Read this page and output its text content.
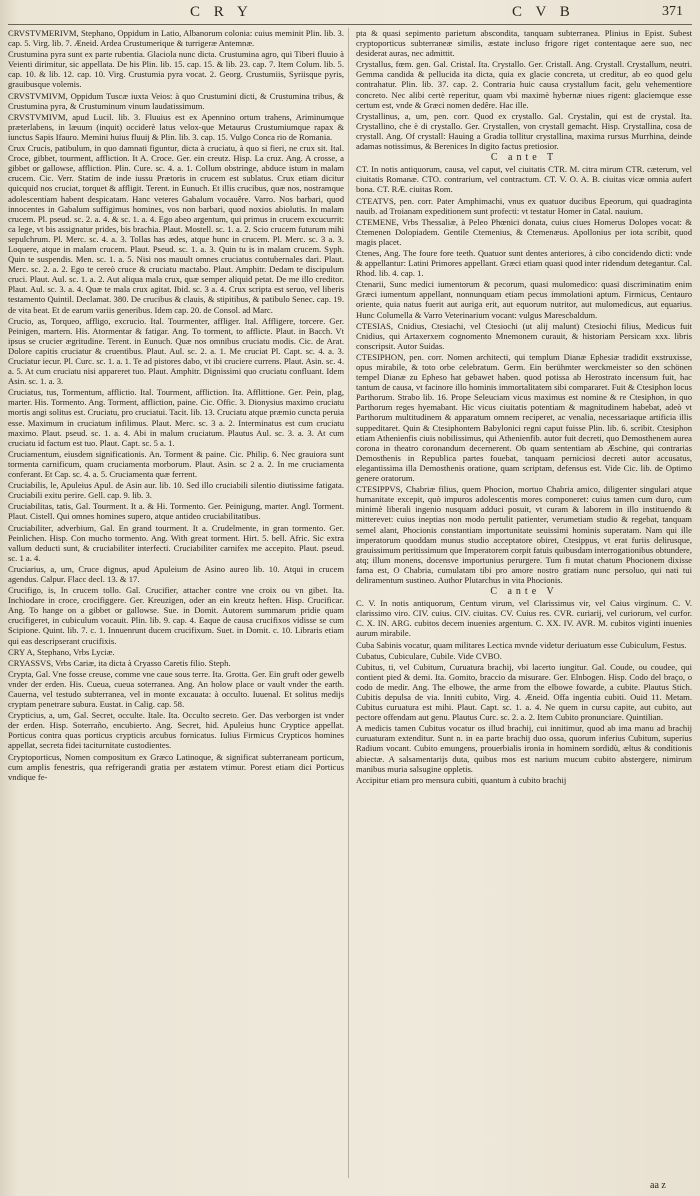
C R Y	C V B	371

CRVSTVMERIVM, Stephano, Oppidum in Latio, Albanorum colonia: cuius meminit Plin. lib. 3. cap. 5. Virg. lib. 7. Æneid. Ardea Crustumerique & turrigeræ Antemnæ.

Crustumina pyra sunt ex parte rubentia. Glaciola nunc dicta. Crustumina agro, qui Tiberi fluuio à Veienti dirimitur, sic appellata. De his Plin. lib. 15. cap. 15. & lib. 23. cap. 7. Item Colum. lib. 5. cap. 10. & lib. 12. cap. 10. Virg. Crustumia pyra vocat. 2. Georg. Crustumiis, Syriisque pyris, grauibusque volemis.

CRVSTVMIVM, Oppidum Tuscæ iuxta Veios: à quo Crustumini dicti, & Crustumina tribus, & Crustumina pyra, & Crustuminum vinum laudatissimum.

CRVSTVMIVM, apud Lucil. lib. 3. Fluuius est ex Apennino ortum trahens, Ariminumque præterlabens, in læuum (inquit) occiderè latus velox-que Metaurus Crustumiumque rapax & iunctus Sapis Ifauro. Memini huius fluuij & Plin. lib. 3. cap. 15. Vulgo Conca rio de Romania.

Crux Crucis, patibulum, in quo damnati figuntur, dicta à cruciatu, à quo si fieri, ne crux sit. Ital. Croce, gibbet, tourment, affliction. It A. Croce. Ger. ein creutz. Hisp. La cruz. Ang. A crosse, a gibbet or gallowse, affliction. Plin. Cure. sc. 4. a. 1. Collum obstringe, abduce istum in malam crucem. Cic. Verr. Statim de inde iussu Prætoris in crucem est sublatus. Crux etiam dicitur quicquid nos cruciat, torquet & affligit. Terent. in Eunuch. Et illis crucibus, quæ nos, nostramque adolescentiam habent despicatam. Hanc veteres Gabalum vocauêre. Varro. Nos barbari, quod innocentes in Gabalum suffigimus homines, vos non barbari, quod noxios abiolutis. In malam crucem. Pl. pseud. sc. 2. a. 4. & sc. 1. a. 4. Ego abeo argentum, qui primus in crucem excucurrit: ca lege, vt bis assignatur prides, bis brachia. Plaut. Mostell. sc. 1. a. 2. Scio crucem futurum mihi sepulchrum. Pl. Merc. sc. 4. a. 3. Tollas has ædes, atque hunc in crucem. Pl. Merc. sc. 3 a. 3. Loquere, atque in malam crucem. Plaut. Pseud. sc. 1. a. 3. Quin tu is in malam crucem. Syph. Quin te suspendis. Men. sc. 1. a. 5. Nisi nos mauult omnes cruciatus contubernales dari. Plaut. Merc. sc. 2. a. 2. Ego te cereò cruce & cruciatu mactabo. Plaut. Amphitr. Dedam te discipulum cruci. Plaut. Aul. sc. 1. a. 2. Aut aliqua mala crux, quæ semper aliquid petat. De me illo creditor. Plaut. Aul. sc. 3. a. 4. Quæ te mala crux agitat. Ibid. sc. 3 a. 4. Crux scripta est seruo, vel liberis testamento Quintil. Declamat. 380. De crucibus & clauis, & stipitibus, & patibulo Senec. cap. 19. de vita beat. Et de earum variis generibus. Idem cap. 20. de Consol. ad Marc.

Crucio, as, Torqueo, affligo, excrucio. Ital. Tourmenter, affliger. Ital. Affligere, torcere. Ger. Peinigen, martern. His. Atormentar & fatigar. Ang. To torment, to afflicte. Plaut. in Bacch. Vt ipsus se crucier ægritudine. Terent. in Eunuch. Quæ nos omnibus cruciatu modis. Cic. de Arat. Dolore capitis cruciatur & cruentibus. Plaut. Aul. sc. 2. a. 1. Me cruciat Pl. Capt. sc. 4. a. 3. Cruciatur iecur. Pl. Curc. sc. 1. a. 1. Te ad pistores dabo, vt ibi cruciere currens. Plaut. Asin. sc. 4. a. 5. At cum cruciatu nisi appareret tuo. Plaut. Amphitr. Dignissimi quo cruciatu confluant. Idem Asin. sc. 1. a. 3.

Cruciatus, tus, Tormentum, afflictio. Ital. Tourment, affliction. Ita. Afflittione. Ger. Pein, plag, marter. His. Tormento. Ang. Torment, affliction, paine. Cic. Offic. 3. Dionysius maximo cruciatu mortis angi solitus est. Cruciatu, pro cruciatui. Tacit. lib. 13. Cruciatu atque præmio cuncta peruia esse. Maximum in cruciatum infilimus. Plaut. Merc. sc. 3 a. 2. Interminatus est cum cruciatu maximo. Plaut. pseud. sc. 1. a. 4. Abi in malum cruciatum. Plautus Aul. sc. 3. a. 3. At cum cruciatu id factum est tuo. Plaut. Capt. sc. 5 a. 1.

Cruciamentum, eiusdem significationis. An. Torment & paine. Cic. Philip. 6. Nec grauiora sunt tormenta carnificum, quam cruciamenta morborum. Plaut. Asin. sc 2 a. 2. In me cruciamenta conferant. Et Cap. sc. 4. a. 5. Cruciamenta quæ ferrent.

Cruciabilis, le, Apuleius Apul. de Asin aur. lib. 10. Sed illo cruciabili silentio diutissime fatigata. Cruciabili exitu perire. Gell. cap. 9. lib. 3.

Cruciabilitas, tatis, Gal. Tourment. It a. & Hi. Tormento. Ger. Peinigung, marter. Angl. Torment. Plaut. Cistell. Qui omnes homines supero, atque antideo cruciabilitatibus.

Cruciabiliter, adverbium, Gal. En grand tourment. It a. Crudelmente, in gran tormento. Ger. Peinlichen. Hisp. Con mucho tormento. Ang. With great torment. Hirt. 5. bell. Afric. Sic extra vallum deducti sunt, & cruciabiliter interfecti. Cruciabiliter carnifex me accepito. Plaut. pseud. sc. 1 a. 4.

Cruciarius, a, um, Cruce dignus, apud Apuleium de Asino aureo lib. 10. Atqui in crucem agendus. Calpur. Flacc decl. 13. & 17.

Crucifigo, is, In crucem tollo. Gal. Crucifier, attacher contre vne croix ou vn gibet. Ita. Inchiodare in croce, crocifiggere. Ger. Kreuzigen, oder an ein kreutz heften. Hisp. Crucificar. Ang. To hange on a gibbet or gallowse. Sue. in Domit. Autorem summarum pridie quam crucifigeret, in cubiculum vocauit. Plin. lib. 9. cap. 4. Eaque de causa crucifixos vidisse se cum Scipione. Quint. lib. 7. c. 1. Innuenrunt ducem crucifixum. Suet. in Domit. c. 10. Libraris etiam qui eas descripserant crucifixis.

CRY A, Stephano, Vrbs Lyciæ.

CRYASSVS, Vrbs Cariæ, ita dicta à Cryasso Caretis filio. Steph.

Crypta, Gal. Vne fosse creuse, comme vne caue sous terre. Ita. Grotta. Ger. Ein gruft oder gewelb vnder der erden. His. Cueua, cueua soterranea. Ang. An holow place or vault vnder the earth. Cauerna, vel testudo subterranea, vel in monte excauata: à occulto. Iuuenal. Et solitus medijs cryptam penetrare subura. Eustat. in Calig. cap. 58.

Crypticius, a, um, Gal. Secret, occulte. Itale. Ita. Occulto secreto. Ger. Das verborgen ist vnder der erden. Hisp. Soterraño, encubierto. Ang. Secret, hid. Apuleius hunc Cryptice appellat. Porticus contra quas porticus crypticis arcubus fornicatus. Iulius Firmicus Crypticos homines appellat, secreta fidei taciturnitate custodientes.

Cryptoporticus, Nomen compositum ex Græco Latinoque, & significat subterraneam porticum, cum amplis fenestris, qua refrigerandi gratia per æstatem vtimur. Porest etiam dici Porticus vndique fe-

pta & quasi sepimento parietum abscondita, tanquam subterranea. Plinius in Epist. Subest cryptoporticus subterraneæ similis, æstate incluso frigore riget contentaque aere suo, nec desiderat auras, nec admittit.

Crystallus, fœm. gen. Gal. Cristal. Ita. Crystallo. Ger. Cristall. Ang. Crystall. Crystallum, neutri. Gemma candida & pellucida ita dicta, quia ex glacie concreta, ut creditur, ab eo quod gelu contrahatur. Plin. lib. 37. cap. 2. Contraria huic causa crystallum facit, gelu vehementiore concreto. Nec alibi certè reperitur, quam vbi maximè hybernæ niues rigent: glaciemque esse certum est, vnde & Græci nomen dedêre. Hac ille.

Crystallinus, a, um, pen. corr. Quod ex crystallo. Gal. Crystalin, qui est de crystal. Ita. Crystallino, che è di crystallo. Ger. Crystallen, von crystall gemacht. Hisp. Crystallina, cosa de crystall. Ang. Of crystall: Hauing a Gradia tollitur crystallina, maxima rursus Murrhina, deinde adamas notissimus, & Berenices In digito factus pretiosior.

C ante T

CT. In notis antiquorum, causa, vel caput, vel ciuitatis CTR. M. citra mirum CTR. cæterum, vel ciuitatis Romanæ. CTO. contrarium, vel contractum. CT. V. O. A. B. ciuitas vicæ omnia aufert bona. CT. RÆ. ciuitas Rom.

CTEATVS, pen. corr. Pater Amphimachi, vnus ex quatuor ducibus Epeorum, qui quadraginta nauib. ad Troianam expeditionem sunt profecti: vt testatur Homer in Catal. nauium.

CTEMENE, Vrbs Thessaliæ, à Peleo Phœnici donata, cuius ciues Homerus Dolopes vocat: & Ctemenen Dolopiadem. Gentile Ctemenius, & Ctemenæus. Apollonius per iota scribit, quod magis placet.

Ctenes, Ang. The foure fore teeth. Quatuor sunt dentes anteriores, à cibo concidendo dicti: vnde & appellantur: Latini Primores appellant. Græci etiam quasi quod inter ridendum detegantur. Cal. Rhod. lib. 4. cap. 1.

Ctenarii, Sunc medici iumentorum & pecorum, quasi mulomedico: quasi discriminatim enim Græci iumentum appellant, nonnunquam etiam pecus immolationi aptum. Firmicus, Centauro oriente, quia natus fuerit aut auriga erit, aut equorum nutritor, aut mulomedicus, aut equarius. Hunc Columella & Varro Veterinarium vocant: vulgus Marescbaldum.

CTESIAS, Cnidius, Ctesiachi, vel Ctesiochi (ut alij malunt) Ctesiochi filius, Medicus fuit Cnidius, qui Artaxerxem cognomento Mnemonem curauit, & historiam Persicam xxx. libris conscripsit. Autor Suidas.

CTESIPHON, pen. corr. Nomen architecti, qui templum Dianæ Ephesiæ tradidit exstruxisse, opus mirabile, & toto orbe celebratum. Germ. Ein berühmter werckmeister so den schönen tempel Dianæ zu Epheso hat gebawet haben. quod potissa ab Herostrato incensum fuit, hac tantum de causa, vt facinore illo hominis immortalitatem sibi compararet. Fuit & Ctesiphon locus Parthorum. Strabo lib. 16. Prope Seleuciam vicus maximus est nomine & re Ctesiphon, in quo Parthorum reges hyemabant. Hic vicus ciuitatis potentiam & magnitudinem habebat, adeò vt Parthorum multitudinem & apparatum omnem reciperet, ac venalia, necessariaque artificia illis suppeditaret. Quin & Ctesiphontem Babylonici regni caput fuisse Plin. lib. 6. scribit. Ctesiphon etiam Athenienfis ciuis nobilissimus, qui Athenienfib. autor fuit decreti, quo Demosthenem aurea corona in theatro coronandum decernerent. Ob quam sententiam ab Æschine, qui contrarias Demosthenis in Republica partes fouebat, tanquam perniciosi decreti autor accusatus, elegantissima illa Demosthenis oratione, quam scriptam, defensus est. Vide Cic. lib. de Optimo genere oratorum.

CTESIPPVS, Chabriæ filius, quem Phocion, mortuo Chabria amico, diligenter singulari atque humanitate excepit, quò impuros adolescentis mores componeret: cuius tamen cum duro, cum minimè liberali ingenio nusquam adduci posuit, vt curam & laborem in illo instituendo & mitterevet: cuius ineptias non modo pertulit patienter, verumetiam studio & regebat, tanquam semel alant, Phocionis constantiam importunitate seuissimi hominis superatam. Nam qui ille imperatorum quoddam munus studio acceptatore obiret, Ctesippus, vt erat furiis delirusque, grauissimum peritissimum que Imperatorem corpit fatuis quibusdam interrogationibus obtundere, atq; illum monens, docensve importunius perurgere. Tum fi mutat chatum Phocionem dixisse fama est, O Chabria, cumulatam tibi pro amore nostro gratiam nunc persoluo, qui nati tui deliramentum sustineo. Author Plutarchus in vita Phocionis.

C ante V

C. V. In notis antiquorum, Centum virum, vel Clarissimus vir, vel Caius virginum. C. V. clarissimo viro. CIV. cuius. CIV. ciuitas. CV. Cuius res. CVR. curiarij, vel curiorum, vel curfor. C. X. IN. ARG. cubitos decem inuenies argentum. C. XX. IV. AVR. M. cubitos viginti inuenies aurum mirabile.

Cuba Sabinis vocatur, quam militares Lectica mvnde videtur deriuatum esse Cubiculum, Festus.

Cubatus, Cubiculare, Cubile. Vide CVBO.

Cubitus, ti, vel Cubitum, Curuatura brachij, vbi lacerto iungitur. Gal. Coude, ou coudee, qui contient pied & demi. Ita. Gomito, braccio da misurare. Ger. Elnbogen. Hisp. Codo del braço, o codo de medir. Ang. The elbowe, the arme from the elbowe fowarde, a cubite. Plautus Stich. Cubitis depulsa de via. Innitì cubito, Virg. 4. Æneid. Offa ingentia cubiti. Ouid 11. Metam. Cubitus curuatura est mihi. Plaut. Capt. sc. 1. a. 4. Ne quem in cursu capite, aut cubito, aut pectore offendam aut genu. Plautus Curc. sc. 2. a. 2. Item Cubito pronunciare. Quintilian.

A medicis tamen Cubitus vocatur os illud brachij, cui innitimur, quod ab ima manu ad brachij curuaturam extenditur. Sunt n. in ea parte brachij duo ossa, quorum inferius Cubitum, superius Radium vocant. Cubito emungens, prouerbialis ironia in hominem sordidù, æltus & conditionis abiectæ. A salsamentarijs duta, quibus mos est narium mucum cubito abstergere, nimirum manibus muria salsugine oppletis.

Accipitur etiam pro mensura cubiti, quantum à cubito brachij

aa z
